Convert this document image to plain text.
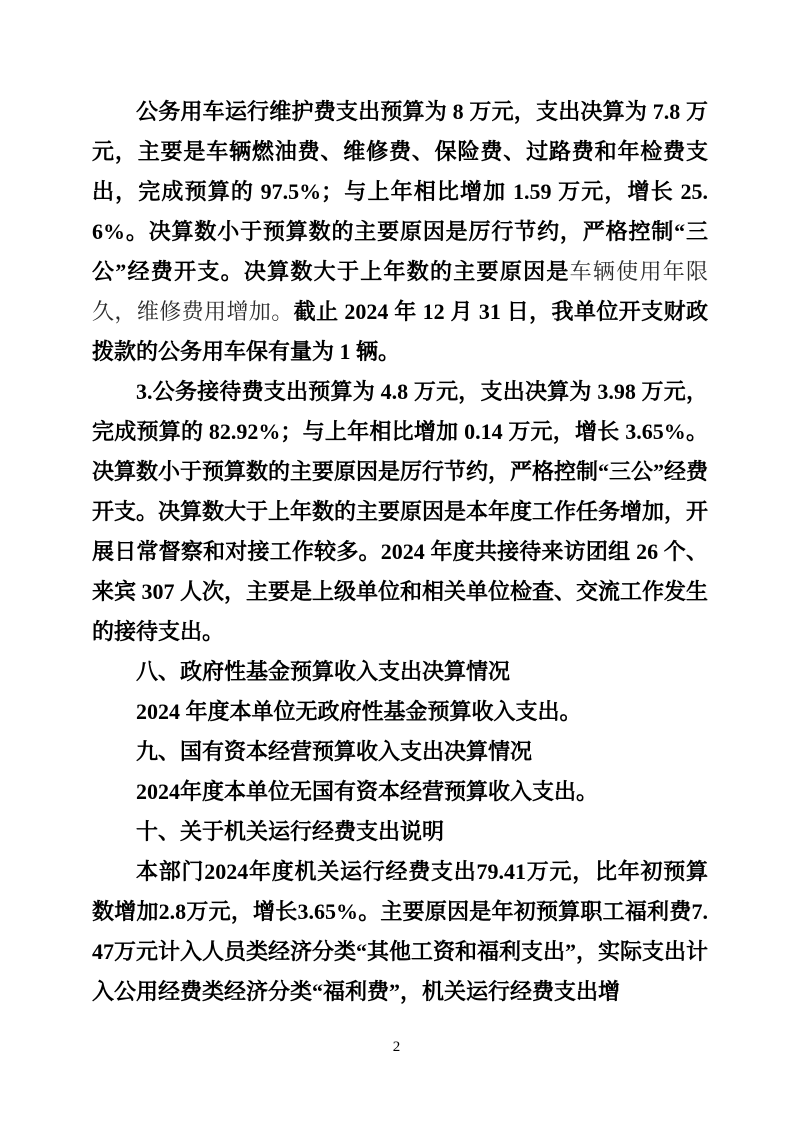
公务用车运行维护费支出预算为 8 万元，支出决算为 7.8 万元，主要是车辆燃油费、维修费、保险费、过路费和年检费支出，完成预算的 97.5%；与上年相比增加 1.59 万元，增长 25.6%。决算数小于预算数的主要原因是厉行节约，严格控制“三公”经费开支。决算数大于上年数的主要原因是车辆使用年限久，维修费用增加。截止 2024 年 12 月 31 日，我单位开支财政拨款的公务用车保有量为 1 辆。
3.公务接待费支出预算为 4.8 万元，支出决算为 3.98 万元，完成预算的 82.92%；与上年相比增加 0.14 万元，增长 3.65%。决算数小于预算数的主要原因是厉行节约，严格控制“三公”经费开支。决算数大于上年数的主要原因是本年度工作任务增加，开展日常督察和对接工作较多。2024 年度共接待来访团组 26 个、来宾 307 人次，主要是上级单位和相关单位检查、交流工作发生的接待支出。
八、政府性基金预算收入支出决算情况
2024 年度本单位无政府性基金预算收入支出。
九、国有资本经营预算收入支出决算情况
2024年度本单位无国有资本经营预算收入支出。
十、关于机关运行经费支出说明
本部门2024年度机关运行经费支出79.41万元，比年初预算数增加2.8万元，增长3.65%。主要原因是年初预算职工福利费7.47万元计入人员类经济分类“其他工资和福利支出”，实际支出计入公用经费类经济分类“福利费”，机关运行经费支出增
2
